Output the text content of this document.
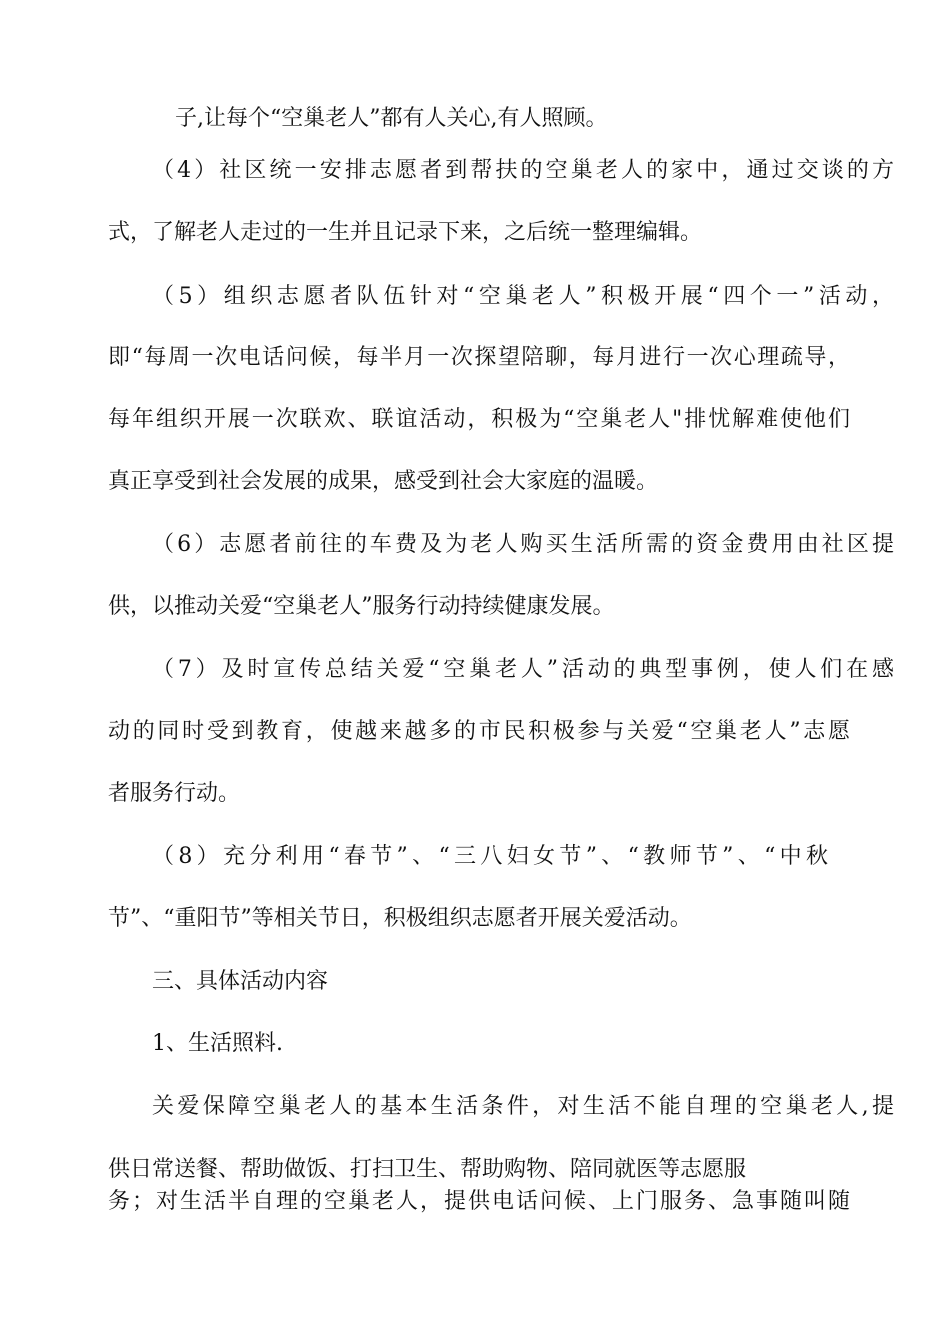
子,让每个“空巢老人”都有人关心,有人照顾。

（4）社区统一安排志愿者到帮扶的空巢老人的家中，通过交谈的方

式，了解老人走过的一生并且记录下来，之后统一整理编辑。

（5）组织志愿者队伍针对“空巢老人”积极开展“四个一”活动，

即“每周一次电话问候，每半月一次探望陪聊，每月进行一次心理疏导，

每年组织开展一次联欢、联谊活动，积极为“空巢老人"排忧解难使他们

真正享受到社会发展的成果，感受到社会大家庭的温暖。

（6）志愿者前往的车费及为老人购买生活所需的资金费用由社区提

供，以推动关爱“空巢老人”服务行动持续健康发展。

（7）及时宣传总结关爱“空巢老人”活动的典型事例，使人们在感

动的同时受到教育，使越来越多的市民积极参与关爱“空巢老人”志愿

者服务行动。

（8）充分利用“春节”、“三八妇女节”、“教师节”、“中秋

节”、“重阳节”等相关节日，积极组织志愿者开展关爱活动。

三、具体活动内容

1、生活照料.

关爱保障空巢老人的基本生活条件，对生活不能自理的空巢老人,提

供日常送餐、帮助做饭、打扫卫生、帮助购物、陪同就医等志愿服

务；对生活半自理的空巢老人，提供电话问候、上门服务、急事随叫随
